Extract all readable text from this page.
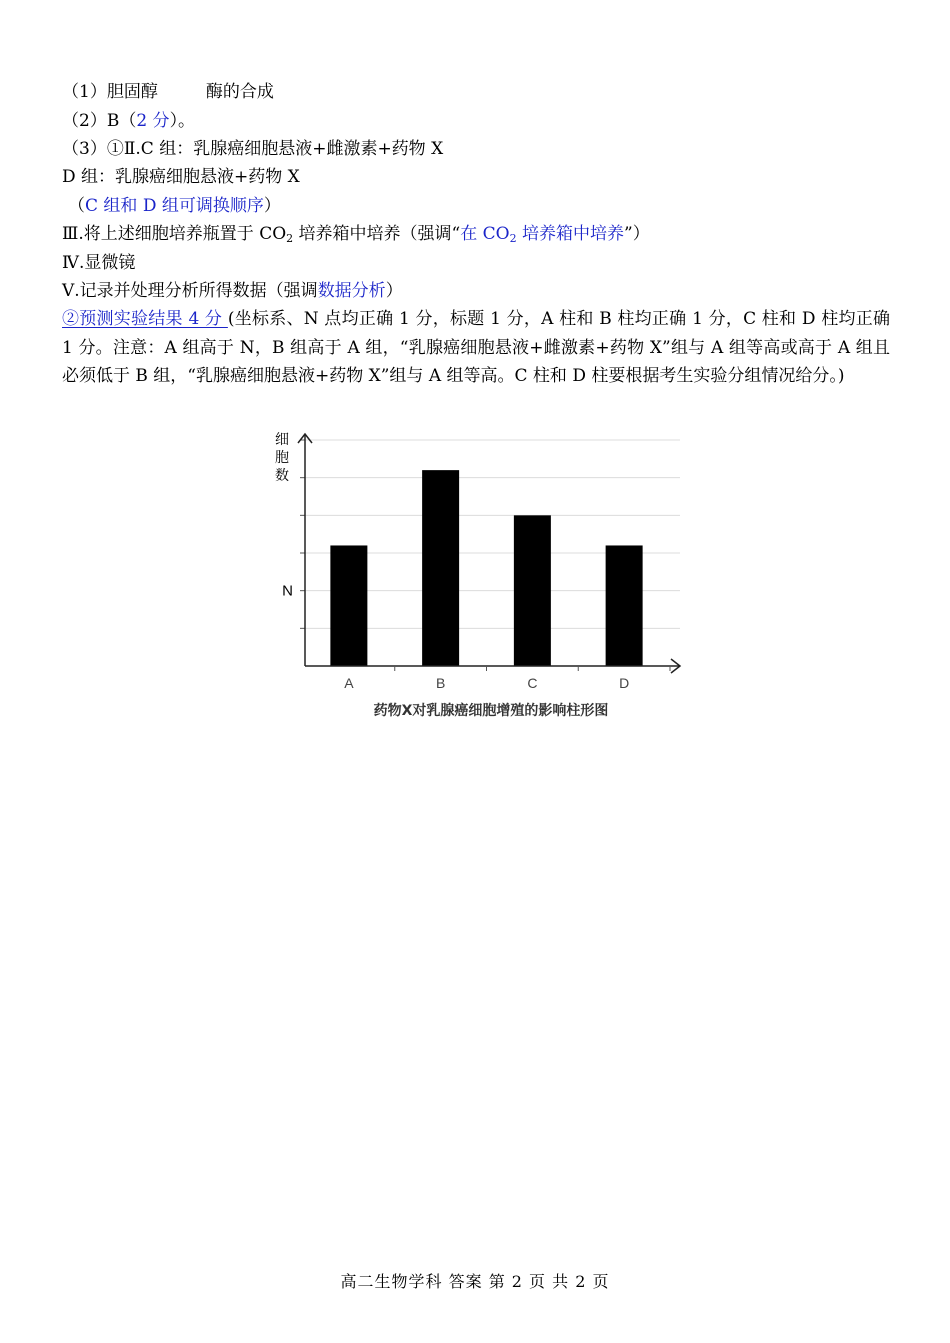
（1）胆固醇	酶的合成
（2）B（2 分）。
（3）①Ⅱ.C 组：乳腺癌细胞悬液+雌激素+药物 X
D 组：乳腺癌细胞悬液+药物 X
（C 组和 D 组可调换顺序）
Ⅲ.将上述细胞培养瓶置于 $CO_2$ 培养箱中培养（强调“在 $CO_2$ 培养箱中培养”）
Ⅳ.显微镜
Ⅴ.记录并处理分析所得数据（强调数据分析）
②预测实验结果 4 分 (坐标系、N 点均正确 1 分，标题 1 分，A 柱和 B 柱均正确 1 分，C 柱和 D 柱均正确 1 分。注意：A 组高于 N，B 组高于 A 组，“乳腺癌细胞悬液+雌激素+药物 X”组与 A 组等高或高于 A 组且必须低于 B 组，“乳腺癌细胞悬液+药物 X”组与 A 组等高。C 柱和 D 柱要根据考生实验分组情况给分。)
细
胞
数
N
A	B	C	D
药物X对乳腺癌细胞增殖的影响柱形图
高二生物学科 答案 第 2 页 共 2 页
